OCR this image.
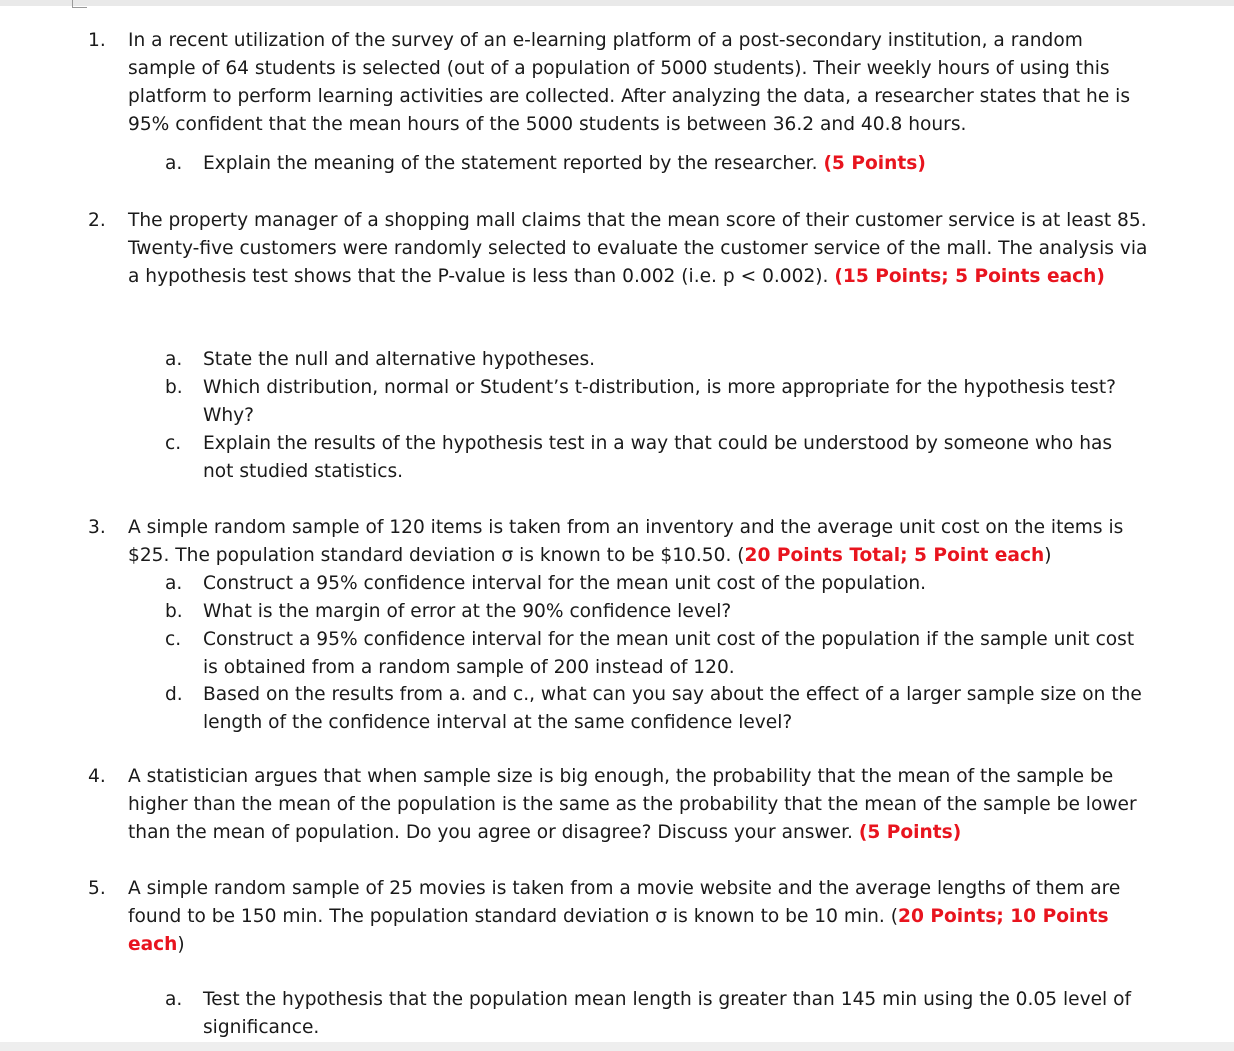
1.	In a recent utilization of the survey of an e-learning platform of a post-secondary institution, a random sample of 64 students is selected (out of a population of 5000 students). Their weekly hours of using this platform to perform learning activities are collected. After analyzing the data, a researcher states that he is 95% confident that the mean hours of the 5000 students is between 36.2 and 40.8 hours.
a.	Explain the meaning of the statement reported by the researcher. (5 Points)
2.	The property manager of a shopping mall claims that the mean score of their customer service is at least 85. Twenty-five customers were randomly selected to evaluate the customer service of the mall. The analysis via a hypothesis test shows that the P-value is less than 0.002 (i.e. p < 0.002). (15 Points; 5 Points each)
a.	State the null and alternative hypotheses.
b.	Which distribution, normal or Student’s t-distribution, is more appropriate for the hypothesis test? Why?
c.	Explain the results of the hypothesis test in a way that could be understood by someone who has not studied statistics.
3.	A simple random sample of 120 items is taken from an inventory and the average unit cost on the items is $25. The population standard deviation σ is known to be $10.50. (20 Points Total; 5 Point each)
a.	Construct a 95% confidence interval for the mean unit cost of the population.
b.	What is the margin of error at the 90% confidence level?
c.	Construct a 95% confidence interval for the mean unit cost of the population if the sample unit cost is obtained from a random sample of 200 instead of 120.
d.	Based on the results from a. and c., what can you say about the effect of a larger sample size on the length of the confidence interval at the same confidence level?
4.	A statistician argues that when sample size is big enough, the probability that the mean of the sample be higher than the mean of the population is the same as the probability that the mean of the sample be lower than the mean of population. Do you agree or disagree? Discuss your answer. (5 Points)
5.	A simple random sample of 25 movies is taken from a movie website and the average lengths of them are found to be 150 min. The population standard deviation σ is known to be 10 min. (20 Points; 10 Points each)
a.	Test the hypothesis that the population mean length is greater than 145 min using the 0.05 level of significance.
